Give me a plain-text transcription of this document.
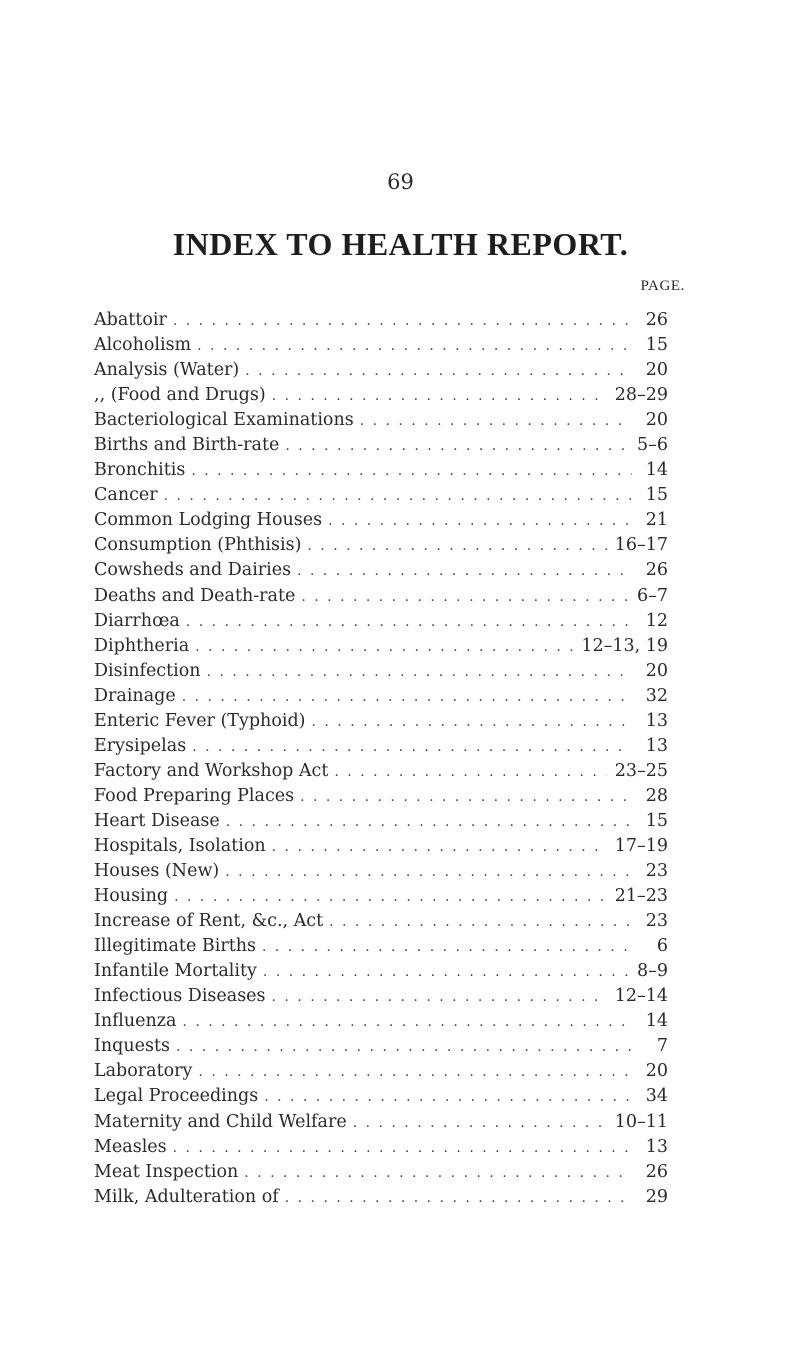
69
INDEX TO HEALTH REPORT.
PAGE.
Abattoir . . .	26
Alcoholism . . .	15
Analysis (Water) . . .	20
,, (Food and Drugs) . . .	28–29
Bacteriological Examinations . . .	20
Births and Birth-rate . . .	5–6
Bronchitis . . .	14
Cancer . . .	15
Common Lodging Houses . . .	21
Consumption (Phthisis) . . .	16–17
Cowsheds and Dairies . . .	26
Deaths and Death-rate . . .	6–7
Diarrhœa . . .	12
Diphtheria . . .	12–13, 19
Disinfection . . .	20
Drainage . . .	32
Enteric Fever (Typhoid) . . .	13
Erysipelas . . .	13
Factory and Workshop Act . . .	23–25
Food Preparing Places . . .	28
Heart Disease . . .	15
Hospitals, Isolation . . .	17–19
Houses (New) . . .	23
Housing . . .	21–23
Increase of Rent, &c., Act . . .	23
Illegitimate Births . . .	6
Infantile Mortality . . .	8–9
Infectious Diseases . . .	12–14
Influenza . . .	14
Inquests . . .	7
Laboratory . . .	20
Legal Proceedings . . .	34
Maternity and Child Welfare . . .	10–11
Measles . . .	13
Meat Inspection . . .	26
Milk, Adulteration of . . .	29
